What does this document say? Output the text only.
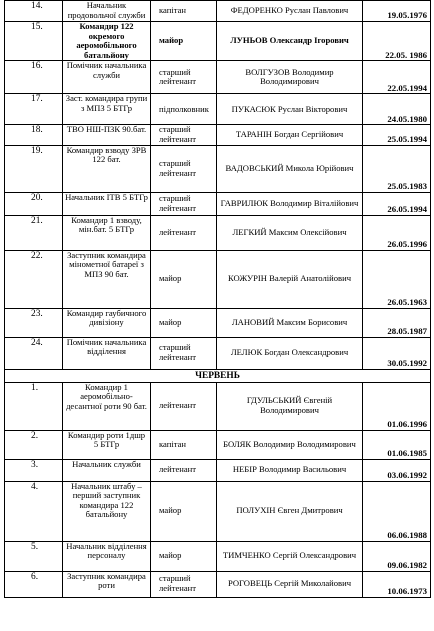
14.	Начальник продовольчої служби	капітан	ФЕДОРЕНКО Руслан Павлович	19.05.1976
15.	Командир 122 окремого аеромобільного батальйону	майор	ЛУНЬОВ Олександр Ігорович	22.05. 1986
16.	Помічник начальника служби	старший лейтенант	ВОЛГУЗОВ Володимир Володимирович	22.05.1994
17.	Заст. командира групи з МПЗ 5 БТГр	підполковник	ПУКАСЮК Руслан Вікторович	24.05.1980
18.	ТВО НШ-ПЗК 90.бат.	старший лейтенант	ТАРАНІН Богдан Сергійович	25.05.1994
19.	Командир взводу ЗРВ 122 бат.	старший лейтенант	ВАДОВСЬКИЙ Микола Юрійович	25.05.1983
20.	Начальник ІТВ 5 БТГр	старший лейтенант	ГАВРИЛЮК Володимир Віталійович	26.05.1994
21.	Командир 1 взводу, мін.бат. 5 БТГр	лейтенант	ЛЕГКИЙ Максим Олексійович	26.05.1996
22.	Заступник командира мінометної батареї з МПЗ 90 бат.	майор	КОЖУРІН Валерій Анатолійович	26.05.1963
23.	Командир гаубичного дивізіону	майор	ЛАНОВИЙ Максим Борисович	28.05.1987
24.	Помічник начальника відділення	старший лейтенант	ЛЕЛЮК Богдан Олександрович	30.05.1992
ЧЕРВЕНЬ				
1.	Командир 1 аеромобільно-десантної роти 90 бат.	лейтенант	ГДУЛЬСЬКИЙ Євгеній Володимирович	01.06.1996
2.	Командир роти 1дшр 5 БТГр	капітан	БОЛЯК Володимир Володимирович	01.06.1985
3.	Начальник служби	лейтенант	НЕБІР Володимир Васильович	03.06.1992
4.	Начальник штабу – перший заступник командира 122 батальйону	майор	ПОЛУХІН Євген Дмитрович	06.06.1988
5.	Начальник відділення персоналу	майор	ТИМЧЕНКО Сергій Олександрович	09.06.1982
6.	Заступник командира роти	старший лейтенант	РОГОВЕЦЬ Сергій Миколайович	10.06.1973
